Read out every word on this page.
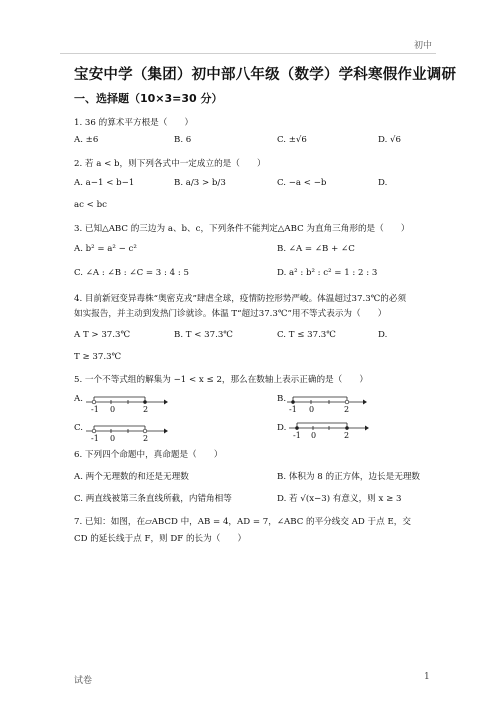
初中
宝安中学（集团）初中部八年级（数学）学科寒假作业调研
一、选择题（10×3=30 分）
1. 36 的算术平方根是（　　）
A. ±6	B. 6	C. ±√6	D. √6
2. 若 a < b，则下列各式中一定成立的是（　　）
A. a−1 < b−1	B. a/3 > b/3	C. −a < −b	D.
ac < bc
3. 已知△ABC 的三边为 a、b、c，下列条件不能判定△ABC 为直角三角形的是（　　）
A. b² = a² − c²	B. ∠A = ∠B + ∠C
C. ∠A : ∠B : ∠C = 3 : 4 : 5	D. a² : b² : c² = 1 : 2 : 3
4. 目前新冠变异毒株“奥密克戎”肆虐全球，疫情防控形势严峻。体温超过37.3℃的必须
如实报告，并主动到发热门诊就诊。体温 T“超过37.3℃”用不等式表示为（　　）
A T > 37.3℃	B. T < 37.3℃	C. T ≤ 37.3℃	D.
T ≥ 37.3℃
5. 一个不等式组的解集为 −1 < x ≤ 2，那么在数轴上表示正确的是（　　）
A.
-1 0	2
B.
-1 0	2
C.
-1 0	2
D.
-1 0	2
6. 下列四个命题中，真命题是（　　）
A. 两个无理数的和还是无理数	B. 体积为 8 的正方体，边长是无理数
C. 两直线被第三条直线所截，内错角相等	D. 若 √(x−3) 有意义，则 x ≥ 3
7. 已知：如图，在▱ABCD 中，AB = 4，AD = 7，∠ABC 的平分线交 AD 于点 E，交
CD 的延长线于点 F，则 DF 的长为（　　）
试卷	1
